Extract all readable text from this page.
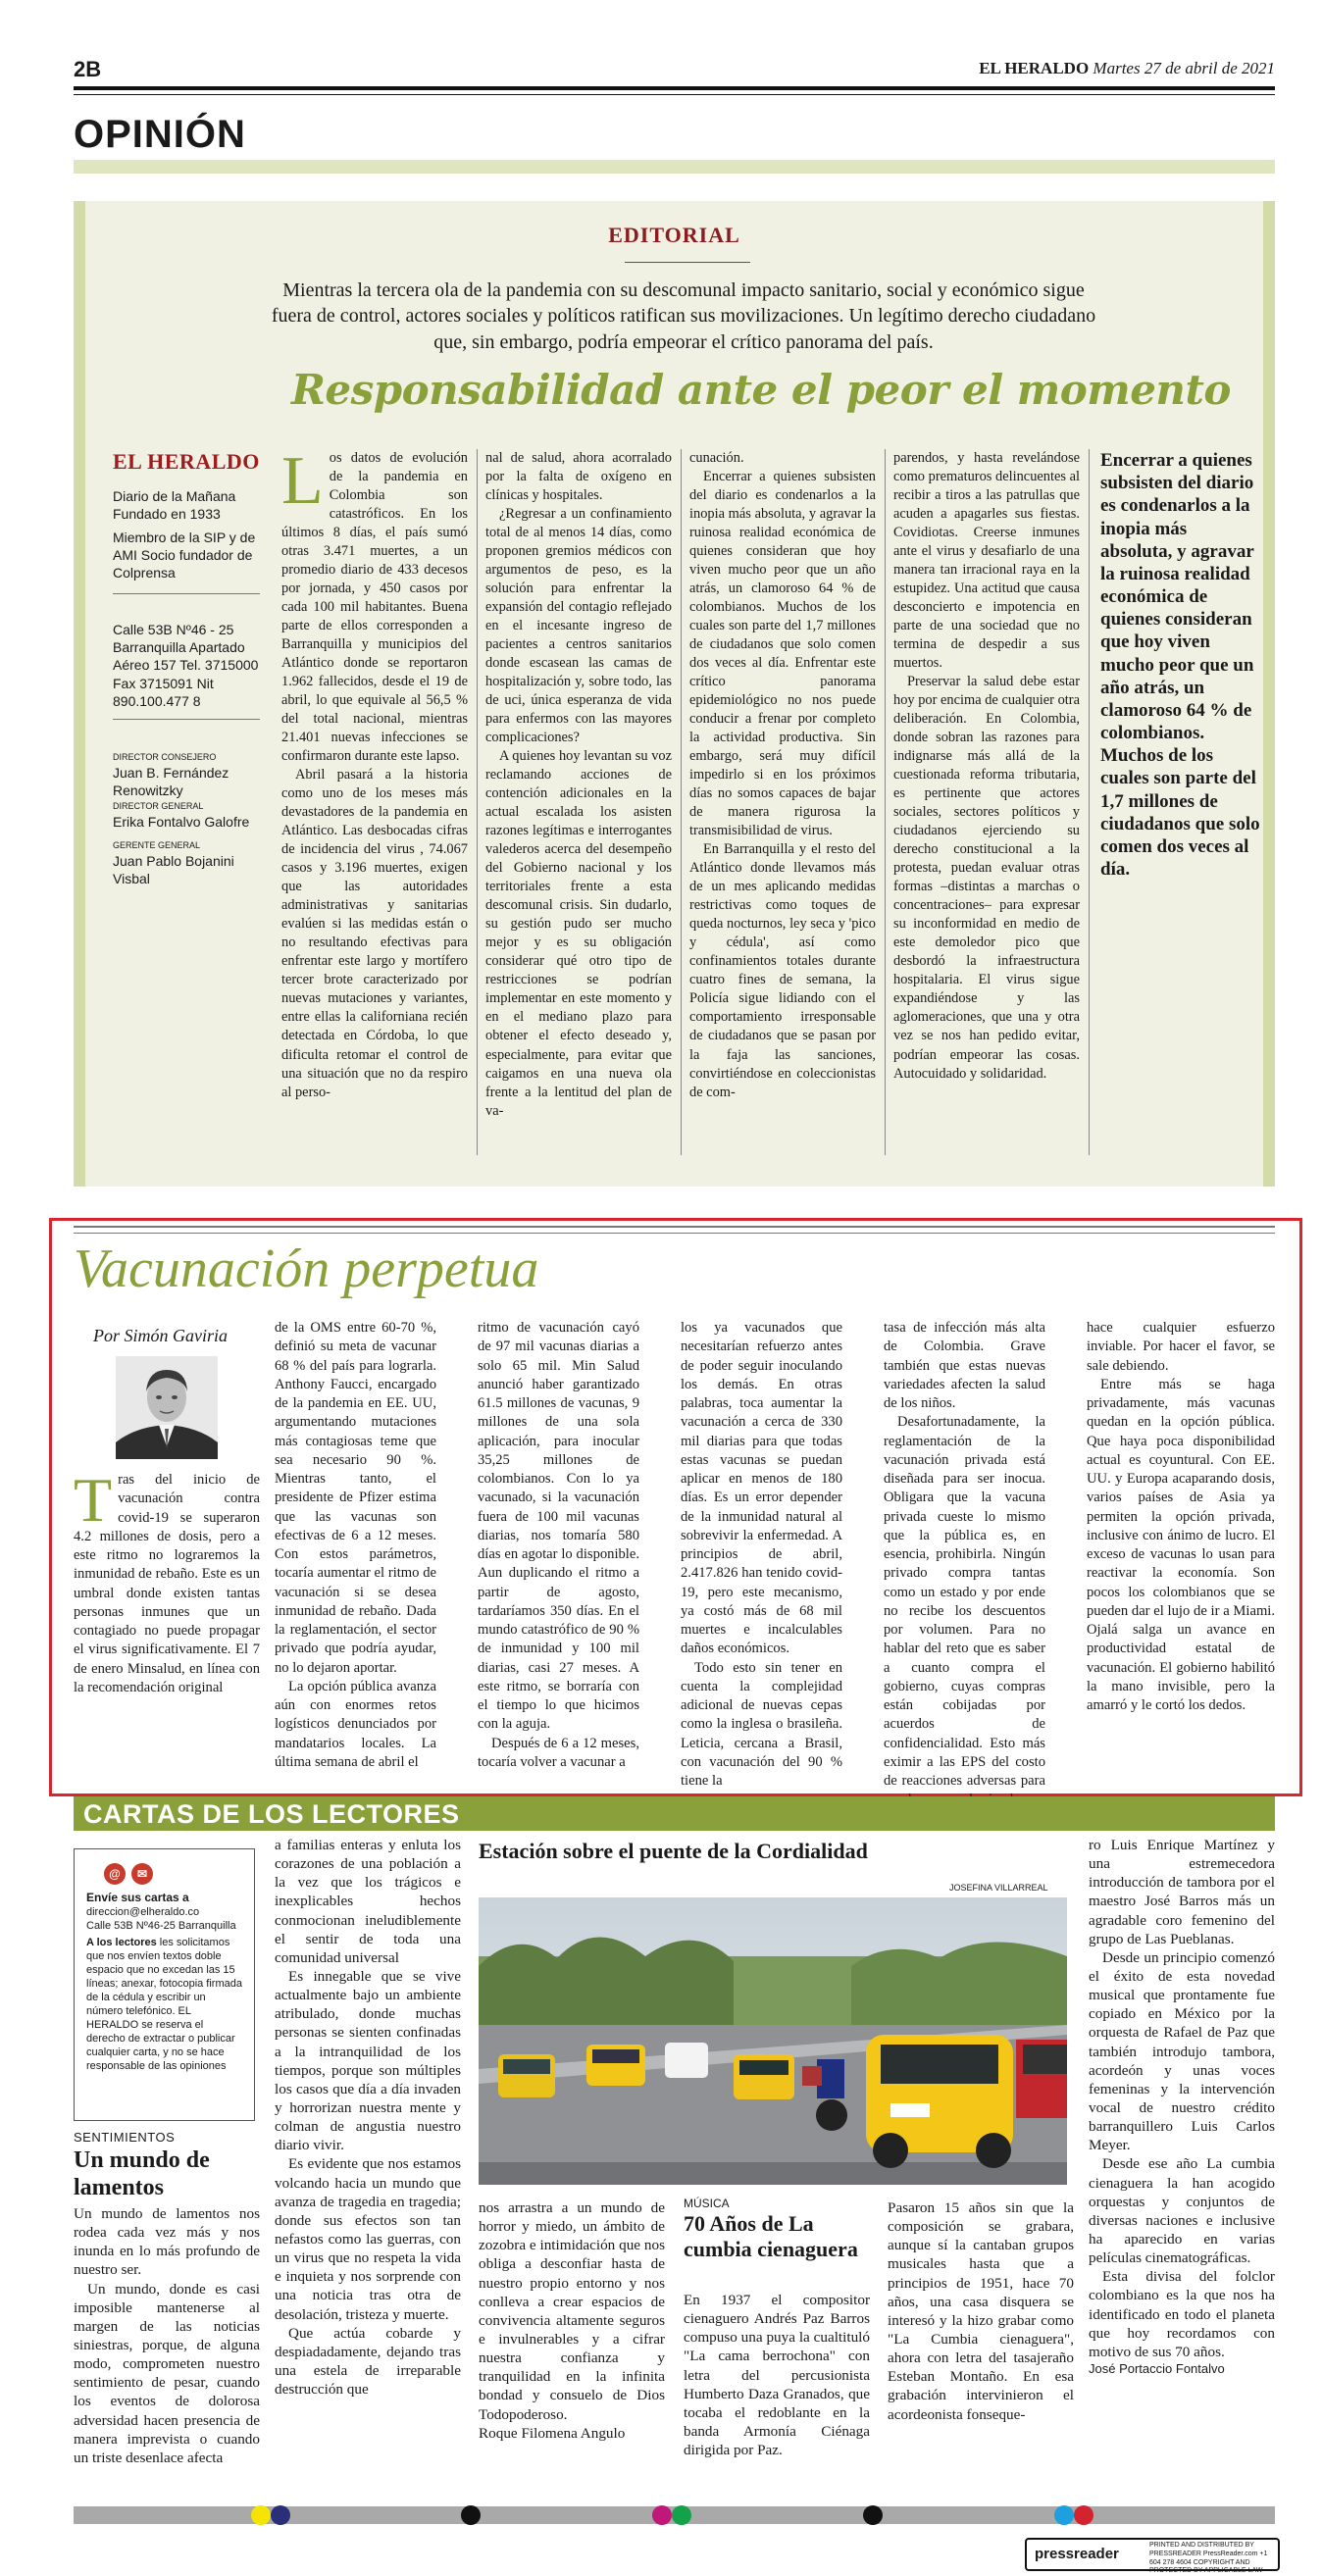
2B	EL HERALDO Martes 27 de abril de 2021
OPINIÓN
EDITORIAL
Mientras la tercera ola de la pandemia con su descomunal impacto sanitario, social y económico sigue fuera de control, actores sociales y políticos ratifican sus movilizaciones. Un legítimo derecho ciudadano que, sin embargo, podría empeorar el crítico panorama del país.
Responsabilidad ante el peor el momento
EL HERALDO
Diario de la Mañana Fundado en 1933
Miembro de la SIP y de AMI Socio fundador de Colprensa
Calle 53B Nº46 - 25 Barranquilla Apartado Aéreo 157 Tel. 3715000 Fax 3715091 Nit 890.100.477 8
DIRECTOR CONSEJERO
Juan B. Fernández Renowitzky
DIRECTOR GENERAL
Erika Fontalvo Galofre
GERENTE GENERAL
Juan Pablo Bojanini Visbal
L os datos de evolución de la pandemia en Colombia son catastróficos. En los últimos 8 días, el país sumó otras 3.471 muertes, a un promedio diario de 433 decesos por jornada, y 450 casos por cada 100 mil habitantes. Buena parte de ellos corresponden a Barranquilla y municipios del Atlántico donde se reportaron 1.962 fallecidos, desde el 19 de abril, lo que equivale al 56,5 % del total nacional, mientras 21.401 nuevas infecciones se confirmaron durante este lapso.

Abril pasará a la historia como uno de los meses más devastadores de la pandemia en Atlántico. Las desbocadas cifras de incidencia del virus , 74.067 casos y 3.196 muertes, exigen que las autoridades administrativas y sanitarias evalúen si las medidas están o no resultando efectivas para enfrentar este largo y mortífero tercer brote caracterizado por nuevas mutaciones y variantes, entre ellas la californiana recién detectada en Córdoba, lo que dificulta retomar el control de una situación que no da respiro al perso-

nal de salud, ahora acorralado por la falta de oxígeno en clínicas y hospitales.

¿Regresar a un confinamiento total de al menos 14 días, como proponen gremios médicos con argumentos de peso, es la solución para enfrentar la expansión del contagio reflejado en el incesante ingreso de pacientes a centros sanitarios donde escasean las camas de hospitalización y, sobre todo, las de uci, única esperanza de vida para enfermos con las mayores complicaciones?

A quienes hoy levantan su voz reclamando acciones de contención adicionales en la actual escalada los asisten razones legítimas e interrogantes valederos acerca del desempeño del Gobierno nacional y los territoriales frente a esta descomunal crisis. Sin dudarlo, su gestión pudo ser mucho mejor y es su obligación considerar qué otro tipo de restricciones se podrían implementar en este momento y en el mediano plazo para obtener el efecto deseado y, especialmente, para evitar que caigamos en una nueva ola frente a la lentitud del plan de va-

cunación.

Encerrar a quienes subsisten del diario es condenarlos a la inopia más absoluta, y agravar la ruinosa realidad económica de quienes consideran que hoy viven mucho peor que un año atrás, un clamoroso 64 % de colombianos. Muchos de los cuales son parte del 1,7 millones de ciudadanos que solo comen dos veces al día. Enfrentar este crítico panorama epidemiológico no nos puede conducir a frenar por completo la actividad productiva. Sin embargo, será muy difícil impedirlo si en los próximos días no somos capaces de bajar de manera rigurosa la transmisibilidad de virus.

En Barranquilla y el resto del Atlántico donde llevamos más de un mes aplicando medidas restrictivas como toques de queda nocturnos, ley seca y 'pico y cédula', así como confinamientos totales durante cuatro fines de semana, la Policía sigue lidiando con el comportamiento irresponsable de ciudadanos que se pasan por la faja las sanciones, convirtiéndose en coleccionistas de com-

parendos, y hasta revelándose como prematuros delincuentes al recibir a tiros a las patrullas que acuden a apagarles sus fiestas. Covidiotas. Creerse inmunes ante el virus y desafiarlo de una manera tan irracional raya en la estupidez. Una actitud que causa desconcierto e impotencia en parte de una sociedad que no termina de despedir a sus muertos.

Preservar la salud debe estar hoy por encima de cualquier otra deliberación. En Colombia, donde sobran las razones para indignarse más allá de la cuestionada reforma tributaria, es pertinente que actores sociales, sectores políticos y ciudadanos ejerciendo su derecho constitucional a la protesta, puedan evaluar otras formas –distintas a marchas o concentraciones– para expresar su inconformidad en medio de este demoledor pico que desbordó la infraestructura hospitalaria. El virus sigue expandiéndose y las aglomeraciones, que una y otra vez se nos han pedido evitar, podrían empeorar las cosas. Autocuidado y solidaridad.

Encerrar a quienes subsisten del diario es condenarlos a la inopia más absoluta, y agravar la ruinosa realidad económica de quienes consideran que hoy viven mucho peor que un año atrás, un clamoroso 64 % de colombianos. Muchos de los cuales son parte del 1,7 millones de ciudadanos que solo comen dos veces al día.
Vacunación perpetua
Por Simón Gaviria
T ras del inicio de vacunación contra covid-19 se superaron 4.2 millones de dosis, pero a este ritmo no lograremos la inmunidad de rebaño. Este es un umbral donde existen tantas personas inmunes que un contagiado no puede propagar el virus significativamente. El 7 de enero Minsalud, en línea con la recomendación original

de la OMS entre 60-70 %, definió su meta de vacunar 68 % del país para lograrla. Anthony Faucci, encargado de la pandemia en EE. UU, argumentando mutaciones más contagiosas teme que sea necesario 90 %. Mientras tanto, el presidente de Pfizer estima que las vacunas son efectivas de 6 a 12 meses. Con estos parámetros, tocaría aumentar el ritmo de vacunación si se desea inmunidad de rebaño. Dada la reglamentación, el sector privado que podría ayudar, no lo dejaron aportar.

La opción pública avanza aún con enormes retos logísticos denunciados por mandatarios locales. La última semana de abril el

ritmo de vacunación cayó de 97 mil vacunas diarias a solo 65 mil. Min Salud anunció haber garantizado 61.5 millones de vacunas, 9 millones de una sola aplicación, para inocular 35,25 millones de colombianos. Con lo ya vacunado, si la vacunación fuera de 100 mil vacunas diarias, nos tomaría 580 días en agotar lo disponible. Aun duplicando el ritmo a partir de agosto, tardaríamos 350 días. En el mundo catastrófico de 90 % de inmunidad y 100 mil diarias, casi 27 meses. A este ritmo, se borraría con el tiempo lo que hicimos con la aguja.

Después de 6 a 12 meses, tocaría volver a vacunar a

los ya vacunados que necesitarían refuerzo antes de poder seguir inoculando los demás. En otras palabras, toca aumentar la vacunación a cerca de 330 mil diarias para que todas estas vacunas se puedan aplicar en menos de 180 días. Es un error depender de la inmunidad natural al sobrevivir la enfermedad. A principios de abril, 2.417.826 han tenido covid-19, pero este mecanismo, ya costó más de 68 mil muertes e incalculables daños económicos.

Todo esto sin tener en cuenta la complejidad adicional de nuevas cepas como la inglesa o brasileña. Leticia, cercana a Brasil, con vacunación del 90 % tiene la

tasa de infección más alta de Colombia. Grave también que estas nuevas variedades afecten la salud de los niños.

Desafortunadamente, la reglamentación de la vacunación privada está diseñada para ser inocua. Obligara que la vacuna privada cueste lo mismo que la pública es, en esencia, prohibirla. Ningún privado compra tantas como un estado y por ende no recibe los descuentos por volumen. Para no hablar del reto que es saber a cuanto compra el gobierno, cuyas compras están cobijadas por acuerdos de confidencialidad. Esto más eximir a las EPS del costo de reacciones adversas para

hace cualquier esfuerzo inviable. Por hacer el favor, se sale debiendo.

Entre más se haga privadamente, más vacunas quedan en la opción pública. Que haya poca disponibilidad actual es coyuntural. Con EE. UU. y Europa acaparando dosis, varios países de Asia ya permiten la opción privada, inclusive con ánimo de lucro. El exceso de vacunas lo usan para reactivar la economía. Son pocos los colombianos que se pueden dar el lujo de ir a Miami. Ojalá salga un avance en productividad estatal de vacunación. El gobierno habilitó la mano invisible, pero la amarró y le cortó los dedos.

CARTAS DE LOS LECTORES
@	✉
Envíe sus cartas a
direccion@elheraldo.co
Calle 53B Nº46-25 Barranquilla
A los lectores les solicitamos que nos envíen textos doble espacio que no excedan las 15 líneas; anexar, fotocopia firmada de la cédula y escribir un número telefónico. EL HERALDO se reserva el derecho de extractar o publicar cualquier carta, y no se hace responsable de las opiniones
SENTIMIENTOS
Un mundo de lamentos

Un mundo de lamentos nos rodea cada vez más y nos inunda en lo más profundo de nuestro ser.

Un mundo, donde es casi imposible mantenerse al margen de las noticias siniestras, porque, de alguna modo, comprometen nuestro sentimiento de pesar, cuando los eventos de dolorosa adversidad hacen presencia de manera imprevista o cuando un triste desenlace afecta

a familias enteras y enluta los corazones de una población a la vez que los trágicos e inexplicables hechos conmocionan ineludiblemente el sentir de toda una comunidad universal

Es innegable que se vive actualmente bajo un ambiente atribulado, donde muchas personas se sienten confinadas a la intranquilidad de los tiempos, porque son múltiples los casos que día a día invaden y horrorizan nuestra mente y colman de angustia nuestro diario vivir.

Es evidente que nos estamos volcando hacia un mundo que avanza de tragedia en tragedia; donde sus efectos son tan nefastos como las guerras, con un virus que no respeta la vida e inquieta y nos sorprende con una noticia tras otra de desolación, tristeza y muerte.

Que actúa cobarde y despiadadamente, dejando tras una estela de irreparable destrucción que

Estación sobre el puente de la Cordialidad
JOSEFINA VILLARREAL

nos arrastra a un mundo de horror y miedo, un ámbito de zozobra e intimidación que nos obliga a desconfiar hasta de nuestro propio entorno y nos conlleva a crear espacios de convivencia altamente seguros e invulnerables y a cifrar nuestra confianza y tranquilidad en la infinita bondad y consuelo de Dios Todopoderoso.

Roque Filomena Angulo

MÚSICA
70 Años de La cumbia cienaguera

En 1937 el compositor cienaguero Andrés Paz Barros compuso una puya la cualtituló "La cama berrochona" con letra del percusionista Humberto Daza Granados, que tocaba el redoblante en la banda Armonía Ciénaga dirigida por Paz.

Pasaron 15 años sin que la composición se grabara, aunque sí la cantaban grupos musicales hasta que a principios de 1951, hace 70 años, una casa disquera se interesó y la hizo grabar como "La Cumbia cienaguera", ahora con letra del tasajeraño Esteban Montaño. En esa grabación intervinieron el acordeonista fonseque-

ro Luis Enrique Martínez y una estremecedora introducción de tambora por el maestro José Barros más un agradable coro femenino del grupo de Las Pueblanas.

Desde un principio comenzó el éxito de esta novedad musical que prontamente fue copiado en México por la orquesta de Rafael de Paz que también introdujo tambora, acordeón y unas voces femeninas y la intervención vocal de nuestro crédito barranquillero Luis Carlos Meyer.

Desde ese año La cumbia cienaguera la han acogido orquestas y conjuntos de diversas naciones e inclusive ha aparecido en varias películas cinematográficas.

Esta divisa del folclor colombiano es la que nos ha identificado en todo el planeta que hoy recordamos con motivo de sus 70 años.

José Portaccio Fontalvo

pressreader
PRINTED AND DISTRIBUTED BY PRESSREADER PressReader.com +1 604 278 4604 COPYRIGHT AND PROTECTED BY APPLICABLE LAW
